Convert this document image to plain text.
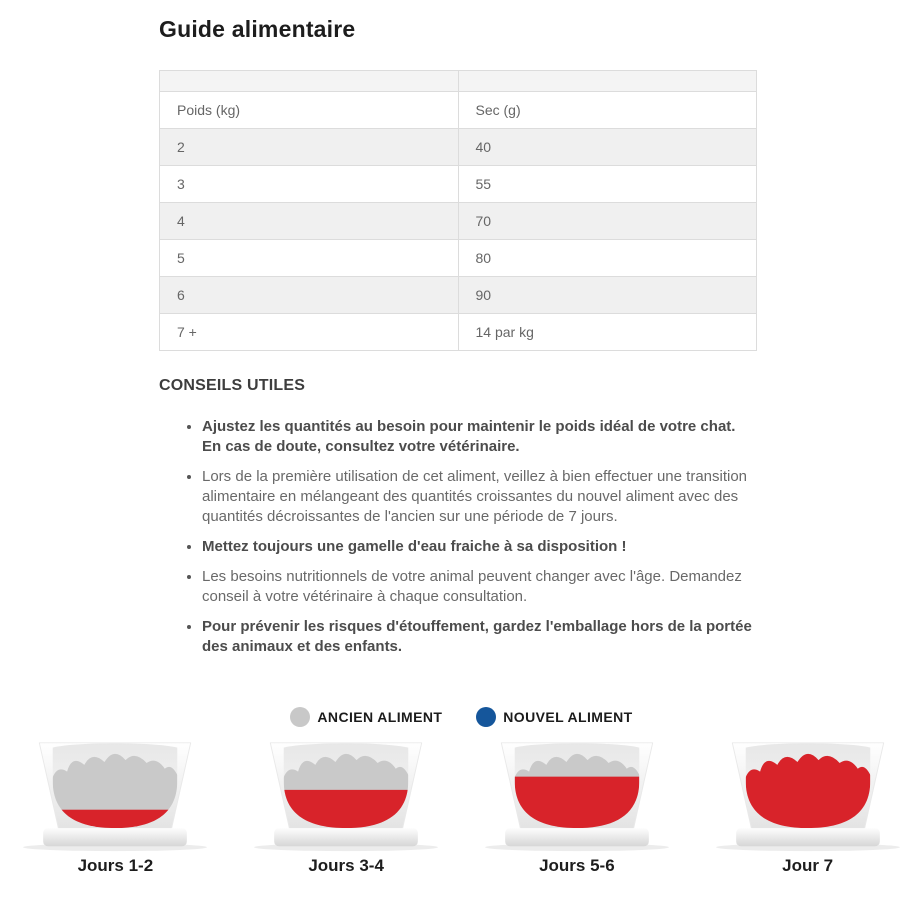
Guide alimentaire

Poids (kg)	Sec (g)
2	40
3	55
4	70
5	80
6	90
7 +	14 par kg
CONSEILS UTILES
• Ajustez les quantités au besoin pour maintenir le poids idéal de votre chat. En cas de doute, consultez votre vétérinaire.
• Lors de la première utilisation de cet aliment, veillez à bien effectuer une transition alimentaire en mélangeant des quantités croissantes du nouvel aliment avec des quantités décroissantes de l'ancien sur une période de 7 jours.
• Mettez toujours une gamelle d'eau fraiche à sa disposition !
• Les besoins nutritionnels de votre animal peuvent changer avec l'âge. Demandez conseil à votre vétérinaire à chaque consultation.
• Pour prévenir les risques d'étouffement, gardez l'emballage hors de la portée des animaux et des enfants.
ANCIEN ALIMENT	NOUVEL ALIMENT
Jours 1-2	Jours 3-4	Jours 5-6	Jour 7
